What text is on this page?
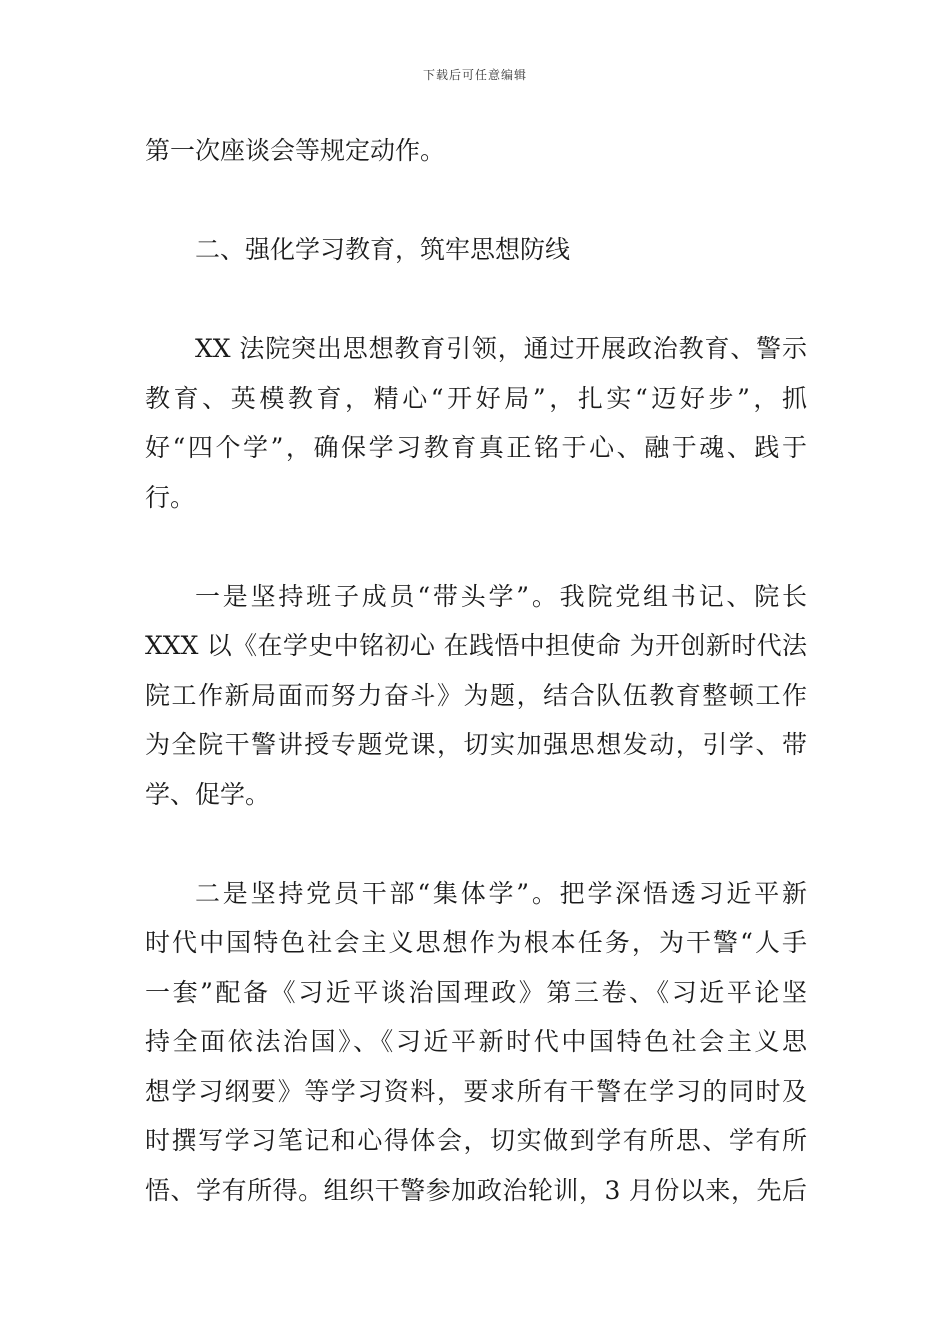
下载后可任意编辑
第一次座谈会等规定动作。
二、强化学习教育，筑牢思想防线
XX 法院突出思想教育引领，通过开展政治教育、警示
教育、英模教育，精心“开好局”，扎实“迈好步”，抓
好“四个学”，确保学习教育真正铭于心、融于魂、践于
行。
一是坚持班子成员“带头学”。我院党组书记、院长
XXX 以《在学史中铭初心 在践悟中担使命 为开创新时代法
院工作新局面而努力奋斗》为题，结合队伍教育整顿工作
为全院干警讲授专题党课，切实加强思想发动，引学、带
学、促学。
二是坚持党员干部“集体学”。把学深悟透习近平新
时代中国特色社会主义思想作为根本任务，为干警“人手
一套”配备《习近平谈治国理政》第三卷、《习近平论坚
持全面依法治国》、《习近平新时代中国特色社会主义思
想学习纲要》等学习资料，要求所有干警在学习的同时及
时撰写学习笔记和心得体会，切实做到学有所思、学有所
悟、学有所得。组织干警参加政治轮训，3 月份以来，先后
